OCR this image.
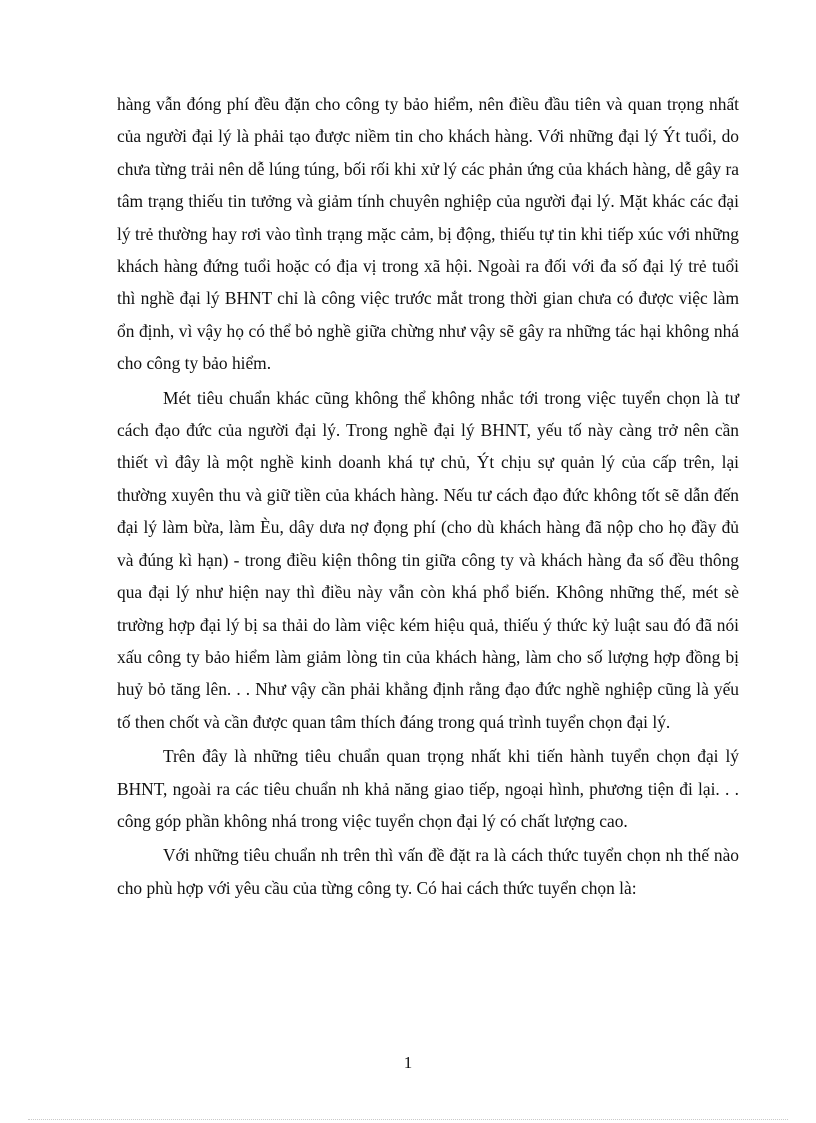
hàng vẫn đóng phí đều đặn cho công ty bảo hiểm, nên điều đầu tiên và quan trọng nhất của người đại lý là phải tạo được niềm tin cho khách hàng. Với những đại lý Ýt tuổi, do chưa từng trải nên dễ lúng túng, bối rối khi xử lý các phản ứng của khách hàng, dễ gây ra tâm trạng thiếu tin tưởng và giảm tính chuyên nghiệp của người đại lý. Mặt khác các đại lý trẻ thường hay rơi vào tình trạng mặc cảm, bị động, thiếu tự tin khi tiếp xúc với những khách hàng đứng tuổi hoặc có địa vị trong xã hội. Ngoài ra đối với đa số đại lý trẻ tuổi thì nghề đại lý BHNT chỉ là công việc trước mắt trong thời gian chưa có được việc làm ổn định, vì vậy họ có thể bỏ nghề giữa chừng như vậy sẽ gây ra những tác hại không nhá cho công ty bảo hiểm.

Mét tiêu chuẩn khác cũng không thể không nhắc tới trong việc tuyển chọn là tư cách đạo đức của người đại lý. Trong nghề đại lý BHNT, yếu tố này càng trở nên cần thiết vì đây là một nghề kinh doanh khá tự chủ, Ýt chịu sự quản lý của cấp trên, lại thường xuyên thu và giữ tiền của khách hàng. Nếu tư cách đạo đức không tốt sẽ dẫn đến đại lý làm bừa, làm Èu, dây dưa nợ đọng phí (cho dù khách hàng đã nộp cho họ đầy đủ và đúng kì hạn) - trong điều kiện thông tin giữa công ty và khách hàng đa số đều thông qua đại lý như hiện nay thì điều này vẫn còn khá phổ biến. Không những thế, mét sè trường hợp đại lý bị sa thải do làm việc kém hiệu quả, thiếu ý thức kỷ luật sau đó đã nói xấu công ty bảo hiểm làm giảm lòng tin của khách hàng, làm cho số lượng hợp đồng bị huỷ bỏ tăng lên. . . Như vậy cần phải khẳng định rằng đạo đức nghề nghiệp cũng là yếu tố then chốt và cần được quan tâm thích đáng trong quá trình tuyển chọn đại lý.

Trên đây là những tiêu chuẩn quan trọng nhất khi tiến hành tuyển chọn đại lý BHNT, ngoài ra các tiêu chuẩn nh khả năng giao tiếp, ngoại hình, phương tiện đi lại. . . công góp phần không nhá trong việc tuyển chọn đại lý có chất lượng cao.

Với những tiêu chuẩn nh trên thì vấn đề đặt ra là cách thức tuyển chọn nh thế nào cho phù hợp với yêu cầu của từng công ty. Có hai cách thức tuyển chọn là:

1
